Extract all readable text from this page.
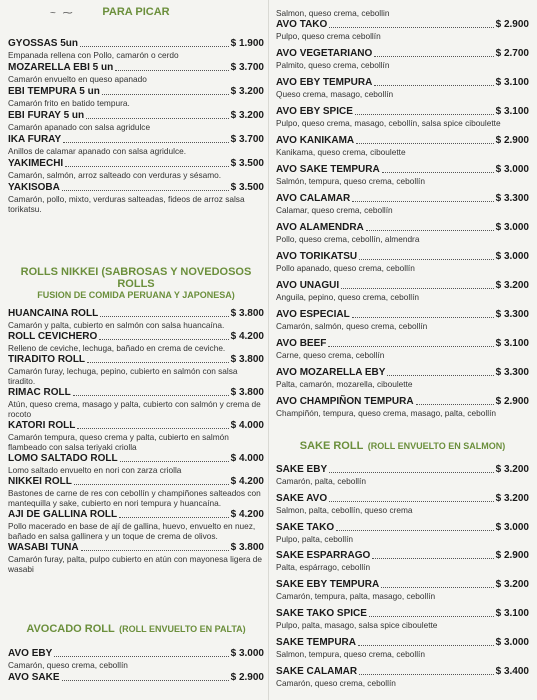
~ ⁓	PARA PICAR
GYOSSAS 5un	$ 1.900
Empanada rellena con Pollo, camarón o cerdo
MOZARELLA EBI 5 un	$ 3.700
Camarón envuelto en queso apanado
EBI TEMPURA 5 un	$ 3.200
Camarón frito en batido tempura.
EBI FURAY 5 un	$ 3.200
Camarón apanado con salsa agridulce
IKA FURAY	$ 3.700
Anillos de calamar apanado con salsa agridulce.
YAKIMECHI	$ 3.500
Camarón, salmón, arroz salteado con verduras y sésamo.
YAKISOBA	$ 3.500
Camarón, pollo, mixto, verduras salteadas, fideos de arroz salsa torikatsu.
ROLLS NIKKEI (SABROSAS Y NOVEDOSOS ROLLS
FUSION DE COMIDA PERUANA Y JAPONESA)
HUANCAINA ROLL	$ 3.800
Camarón y palta, cubierto en salmón con salsa huancaína.
ROLL CEVICHERO	$ 4.200
Relleno de ceviche, lechuga, bañado en crema de ceviche.
TIRADITO ROLL	$ 3.800
Camarón furay, lechuga, pepino, cubierto en salmón con salsa tiradito.
RIMAC ROLL	$ 3.800
Atún, queso crema, masago y palta, cubierto con salmón y crema de rocoto
KATORI ROLL	$ 4.000
Camarón tempura, queso crema y palta, cubierto en salmón flambeado con salsa teriyaki criolla
LOMO SALTADO ROLL	$ 4.000
Lomo saltado envuelto en nori con zarza criolla
NIKKEI ROLL	$ 4.200
Bastones de carne de res con cebollín y champiñones salteados con mantequilla y sake, cubierto en nori tempura y huancaína.
AJI DE GALLINA ROLL	$ 4.200
Pollo macerado en base de ají de gallina, huevo, envuelto en nuez, bañado en salsa gallinera y un toque de crema de olivos.
WASABI TUNA	$ 3.800
Camarón furay, palta, pulpo cubierto en atún con mayonesa ligera de wasabi
AVOCADO ROLL (ROLL ENVUELTO EN PALTA)
AVO EBY	$ 3.000
Camarón, queso crema, cebollín
AVO SAKE	$ 2.900
Salmon, queso crema, cebollin
AVO TAKO	$ 2.900
Pulpo, queso crema cebollín
AVO VEGETARIANO	$ 2.700
Palmito, queso crema, cebollín
AVO EBY TEMPURA	$ 3.100
Queso crema, masago, cebollín
AVO EBY SPICE	$ 3.100
Pulpo, queso crema, masago, cebollín, salsa spice ciboulette
AVO KANIKAMA	$ 2.900
Kanikama, queso crema, ciboulette
AVO SAKE TEMPURA	$ 3.000
Salmón, tempura, queso crema, cebollín
AVO CALAMAR	$ 3.300
Calamar, queso crema, cebollín
AVO ALAMENDRA	$ 3.000
Pollo, queso crema, cebollín, almendra
AVO TORIKATSU	$ 3.000
Pollo apanado, queso crema, cebollín
AVO UNAGUI	$ 3.200
Anguila, pepino, queso crema, cebollín
AVO ESPECIAL	$ 3.300
Camarón, salmón, queso crema, cebollín
AVO BEEF	$ 3.100
Carne, queso crema, cebollín
AVO MOZARELLA EBY	$ 3.300
Palta, camarón, mozarella, ciboulette
AVO CHAMPIÑON TEMPURA	$ 2.900
Champiñón, tempura, queso crema, masago, palta, cebollín
SAKE ROLL (ROLL ENVUELTO EN SALMON)
SAKE EBY	$ 3.200
Camarón, palta, cebollín
SAKE AVO	$ 3.200
Salmon, palta, cebollín, queso crema
SAKE TAKO	$ 3.000
Pulpo, palta, cebollín
SAKE ESPARRAGO	$ 2.900
Palta, espárrago, cebollín
SAKE EBY TEMPURA	$ 3.200
Camarón, tempura, palta, masago, cebollín
SAKE TAKO SPICE	$ 3.100
Pulpo, palta, masago, salsa spice ciboulette
SAKE TEMPURA	$ 3.000
Salmon, tempura, queso crema, cebollín
SAKE CALAMAR	$ 3.400
Camarón, queso crema, cebollín
